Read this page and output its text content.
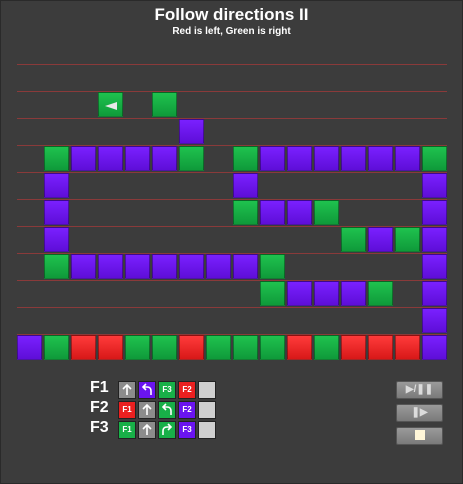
Follow directions II
Red is left, Green is right
F1	F3	F2
F2	F1	F2
F3	F1	F3
▶/❚❚
❚▶
